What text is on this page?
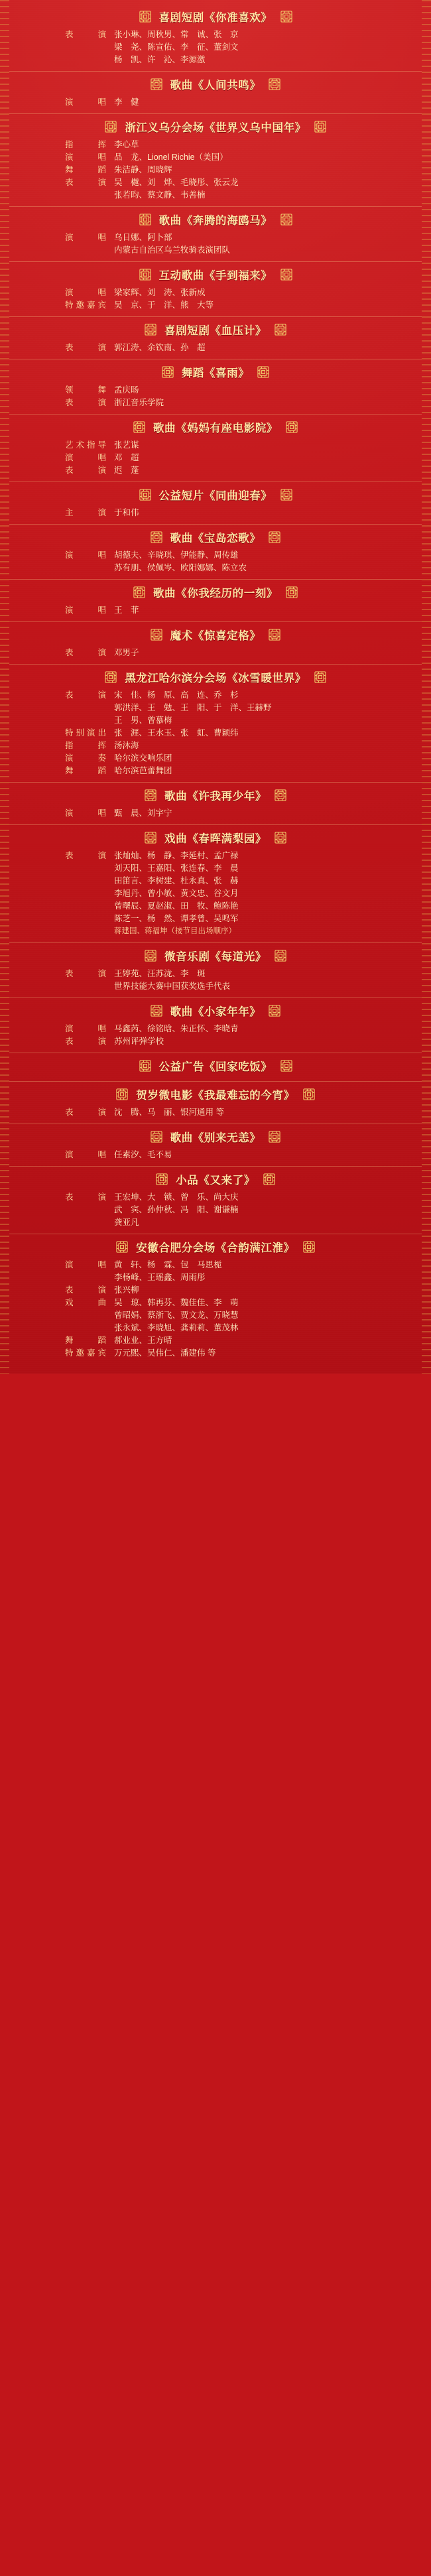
喜剧短剧《你准喜欢》
表　　演 张小琳、周秋男、常　诚、张　京
梁　尧、陈宣佑、李　征、董剑文
杨　凯、许　沁、李源激
歌曲《人间共鸣》
演　　唱 李　健
浙江义乌分会场《世界义乌中国年》
指　　挥 李心草
演　　唱 品　龙、Lionel Richie（美国）
舞　　蹈 朱洁静、周晓辉
表　　演 吴　樾、刘　烨、毛晓彤、张云龙
张若昀、蔡文静、韦善楠
歌曲《奔腾的海鸥马》
演　　唱 乌日娜、阿卜部
内蒙古自治区乌兰牧骑表演团队
互动歌曲《手到福来》
演　　唱 梁家辉、刘　涛、张新成
特邀嘉宾 吴　京、于　洋、熊　大等
喜剧短剧《血压计》
表　　演 郭江涛、余钦南、孙　超
舞蹈《喜雨》
领　　舞 孟庆旸
表　　演 浙江音乐学院
歌曲《妈妈有座电影院》
艺术指导 张艺谋
演　　唱 邓　超
表　　演 迟　蓬
公益短片《同曲迎春》
主　　演 于和伟
歌曲《宝岛恋歌》
演　　唱 胡德夫、辛晓琪、伊能静、周传雄
苏有朋、侯佩岑、欧阳娜娜、陈立农
歌曲《你我经历的一刻》
演　　唱 王　菲
魔术《惊喜定格》
表　　演 邓男子
黑龙江哈尔滨分会场《冰雪暖世界》
表　　演 宋　佳、杨　原、高　连、乔　杉
郭洪洋、王　勉、王　阳、于　洋、王赫野
王　男、曾慕梅
特别演出 张　涯、王水玉、张　虹、曹颖纬
指　　挥 汤沐海
演　　奏 哈尔滨交响乐团
舞　　蹈 哈尔滨芭蕾舞团
歌曲《许我再少年》
演　　唱 甄　晨、刘宇宁
戏曲《春晖满梨园》
表　　演 张灿灿、杨　静、李延村、孟广禄
刘天阳、王嘉阳、张连春、李　晨
田笛言、李树建、杜永真、张　赫
李旭丹、曾小敏、黄文忠、谷文月
曾曙辰、夏赵淑、田　牧、鲍陈艳
陈芝一、杨　然、谭孝曾、吴鸣军
蒋建国、蒋福坤（接节目出场顺序）
微音乐剧《每道光》
表　　演 王婷苑、汪苏泷、李　斑
世界技能大赛中国获奖选手代表
歌曲《小家年年》
演　　唱 马鑫芮、徐铭晗、朱正怀、李晓青
表　　演 苏州评弹学校
公益广告《回家吃饭》
贺岁微电影《我最难忘的今宵》
表　　演 沈　腾、马　丽、银河通用 等
歌曲《别来无恙》
演　　唱 任素汐、毛不易
小品《又来了》
表　　演 王宏坤、大　锁、曾　乐、尚大庆
武　宾、孙仲秋、冯　阳、谢谦楠
龚亚凡
安徽合肥分会场《合韵满江淮》
演　　唱 黄　轩、杨　霖、包　马思栀
李杨峰、王瑶鑫、周雨彤
表　　演 张兴柳
戏　　曲 吴　琼、韩再芬、魏佳佳、李　萌
曾昭娟、蔡浙飞、贾文龙、万晓慧
张永斌、李晓旭、龚莉莉、董茂林
舞　　蹈 郝业业、王方晴
特邀嘉宾 万元熙、吴伟仁、潘建伟 等
